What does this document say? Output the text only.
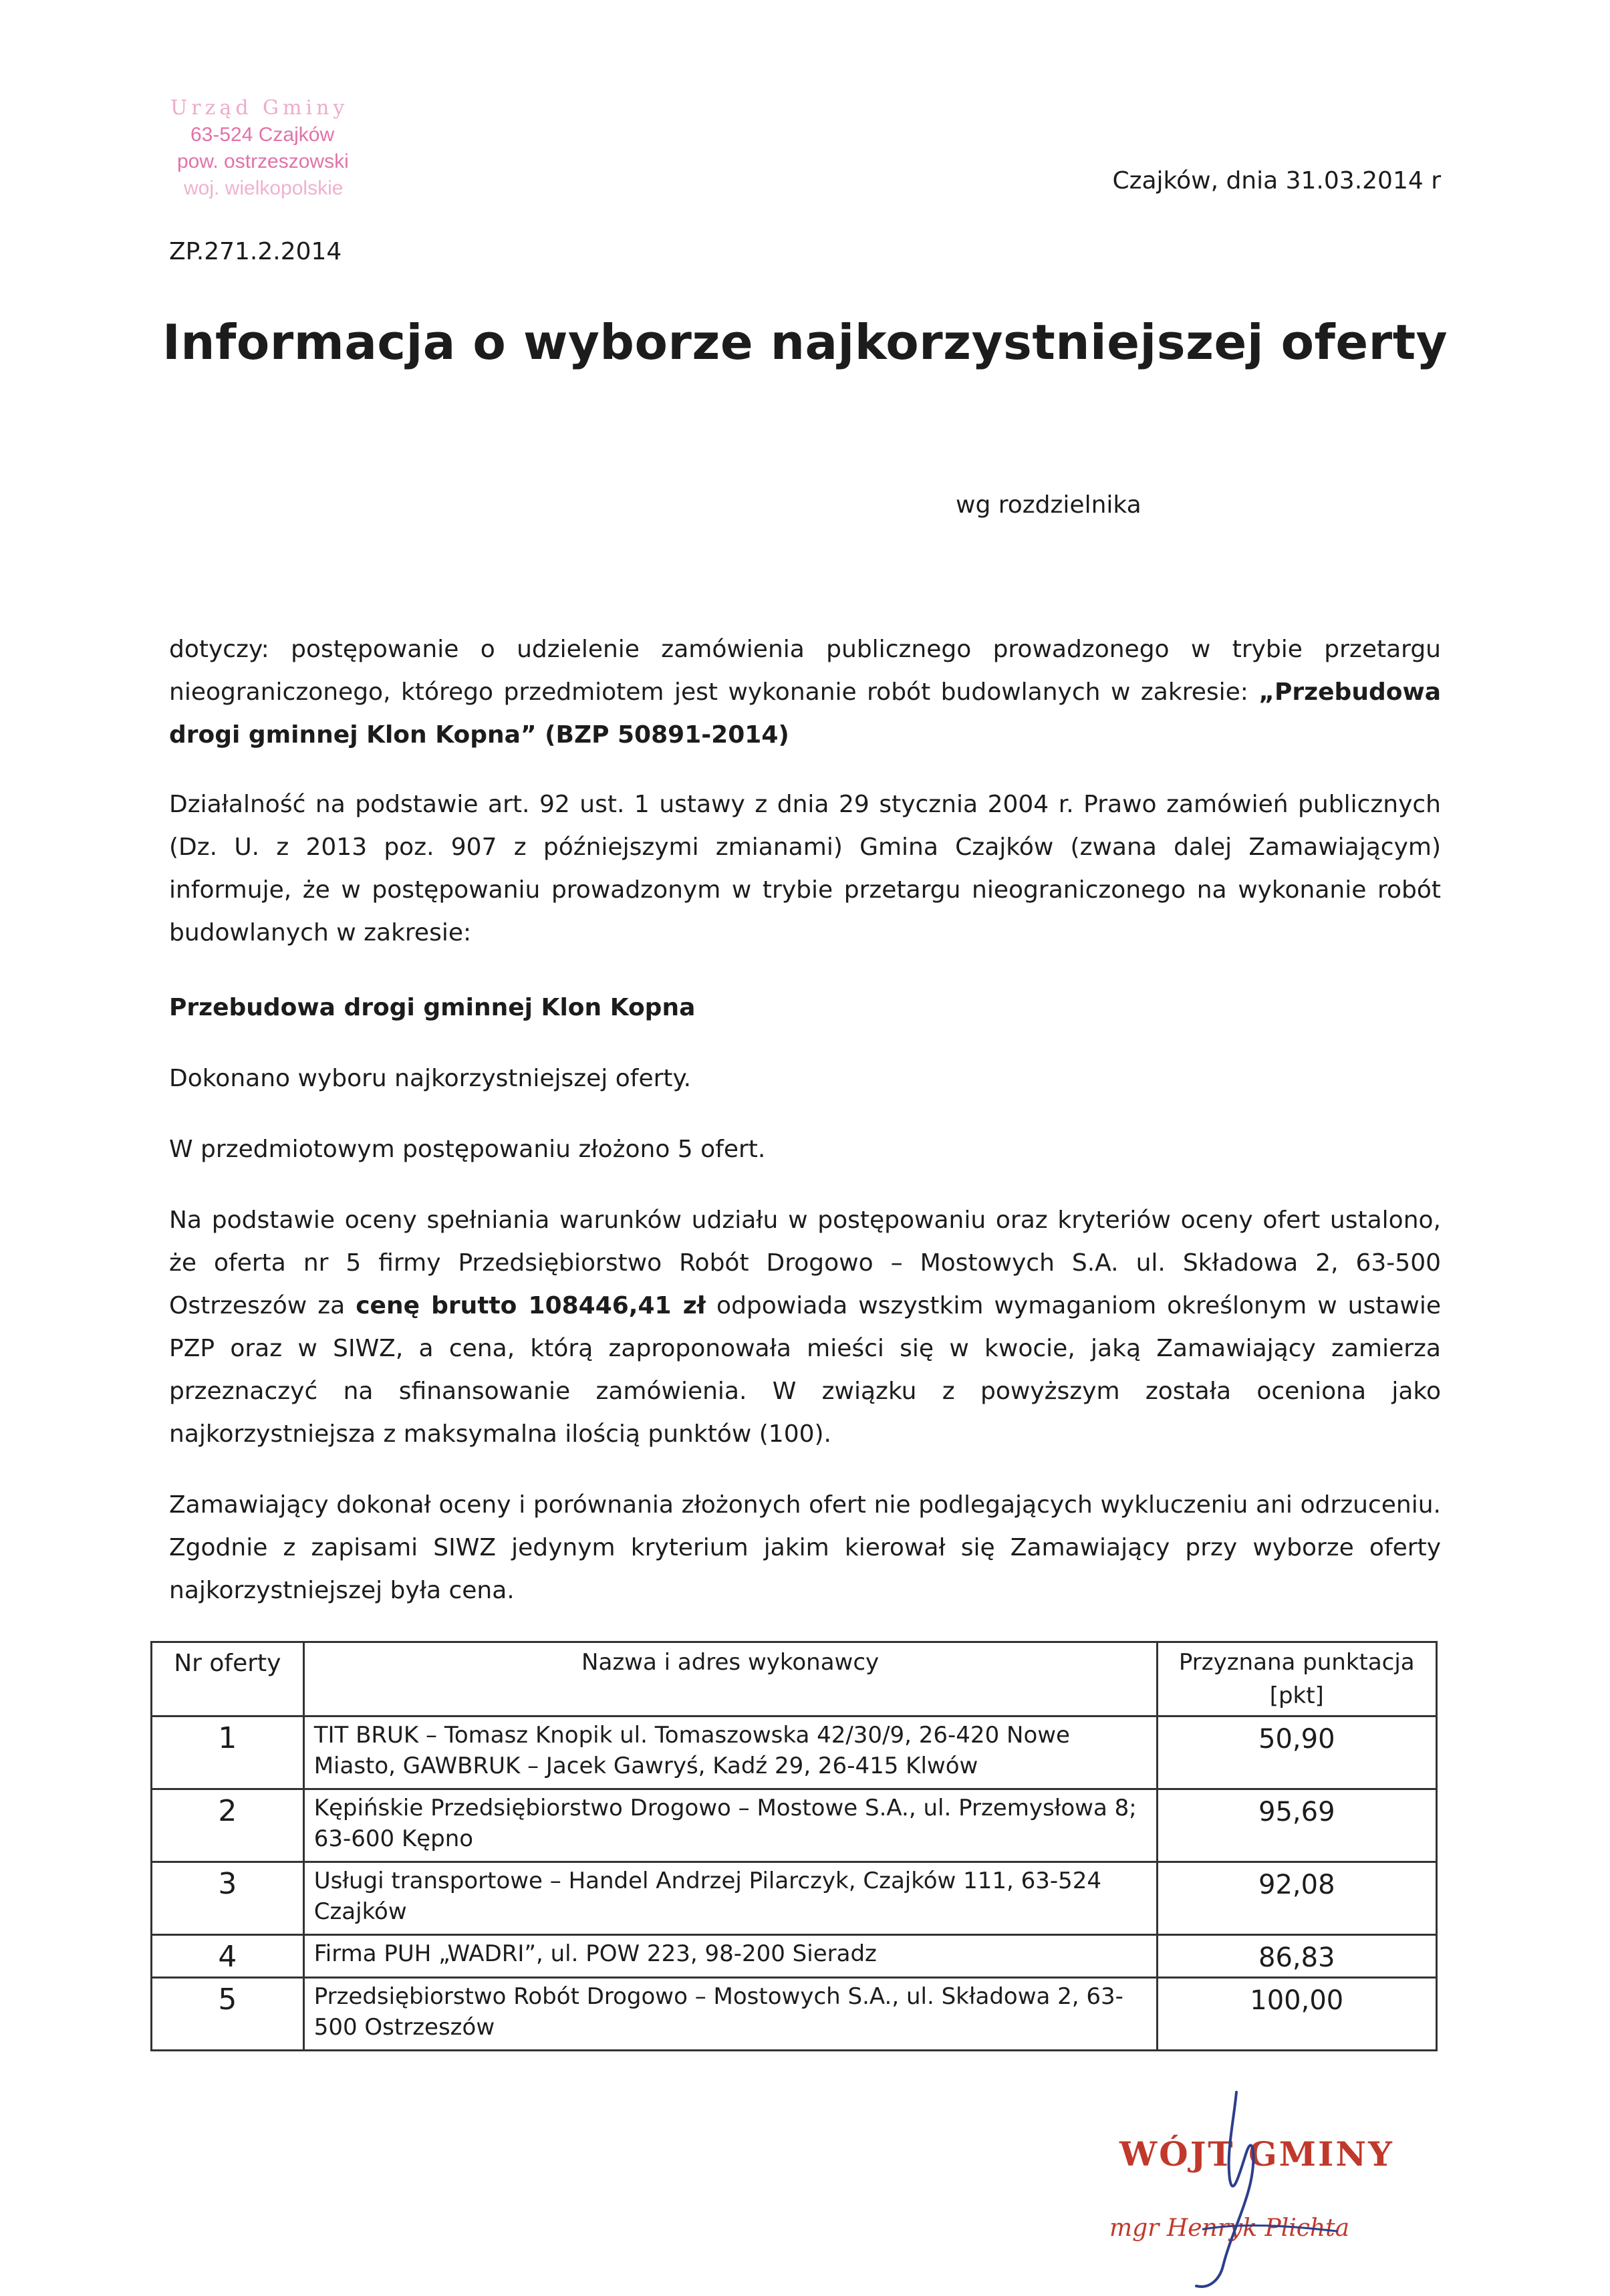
Urząd Gminy
63-524 Czajków
pow. ostrzeszowski
woj. wielkopolskie	Czajków, dnia 31.03.2014 r
ZP.271.2.2014
Informacja o wyborze najkorzystniejszej oferty
wg rozdzielnika
dotyczy: postępowanie o udzielenie zamówienia publicznego prowadzonego w trybie przetargu nieograniczonego, którego przedmiotem jest wykonanie robót budowlanych w zakresie: „Przebudowa drogi gminnej Klon Kopna” (BZP 50891-2014)
Działalność na podstawie art. 92 ust. 1 ustawy z dnia 29 stycznia 2004 r. Prawo zamówień publicznych (Dz. U. z 2013 poz. 907 z późniejszymi zmianami) Gmina Czajków (zwana dalej Zamawiającym) informuje, że w postępowaniu prowadzonym w trybie przetargu nieograniczonego na wykonanie robót budowlanych w zakresie:
Przebudowa drogi gminnej Klon Kopna
Dokonano wyboru najkorzystniejszej oferty.
W przedmiotowym postępowaniu złożono 5 ofert.
Na podstawie oceny spełniania warunków udziału w postępowaniu oraz kryteriów oceny ofert ustalono, że oferta nr 5 firmy Przedsiębiorstwo Robót Drogowo – Mostowych S.A. ul. Składowa 2, 63-500 Ostrzeszów za cenę brutto 108446,41 zł odpowiada wszystkim wymaganiom określonym w ustawie PZP oraz w SIWZ, a cena, którą zaproponowała mieści się w kwocie, jaką Zamawiający zamierza przeznaczyć na sfinansowanie zamówienia. W związku z powyższym została oceniona jako najkorzystniejsza z maksymalna ilością punktów (100).
Zamawiający dokonał oceny i porównania złożonych ofert nie podlegających wykluczeniu ani odrzuceniu. Zgodnie z zapisami SIWZ jedynym kryterium jakim kierował się Zamawiający przy wyborze oferty najkorzystniejszej była cena.
Nr oferty	Nazwa i adres wykonawcy	Przyznana punktacja [pkt]
1	TIT BRUK – Tomasz Knopik ul. Tomaszowska 42/30/9, 26-420 Nowe Miasto, GAWBRUK – Jacek Gawryś, Kadź 29, 26-415 Klwów	50,90
2	Kępińskie Przedsiębiorstwo Drogowo – Mostowe S.A., ul. Przemysłowa 8; 63-600 Kępno	95,69
3	Usługi transportowe – Handel Andrzej Pilarczyk, Czajków 111, 63-524 Czajków	92,08
4	Firma PUH „WADRI”, ul. POW 223, 98-200 Sieradz	86,83
5	Przedsiębiorstwo Robót Drogowo – Mostowych S.A., ul. Składowa 2, 63-500 Ostrzeszów	100,00
WÓJT GMINY
mgr Henryk Plichta
